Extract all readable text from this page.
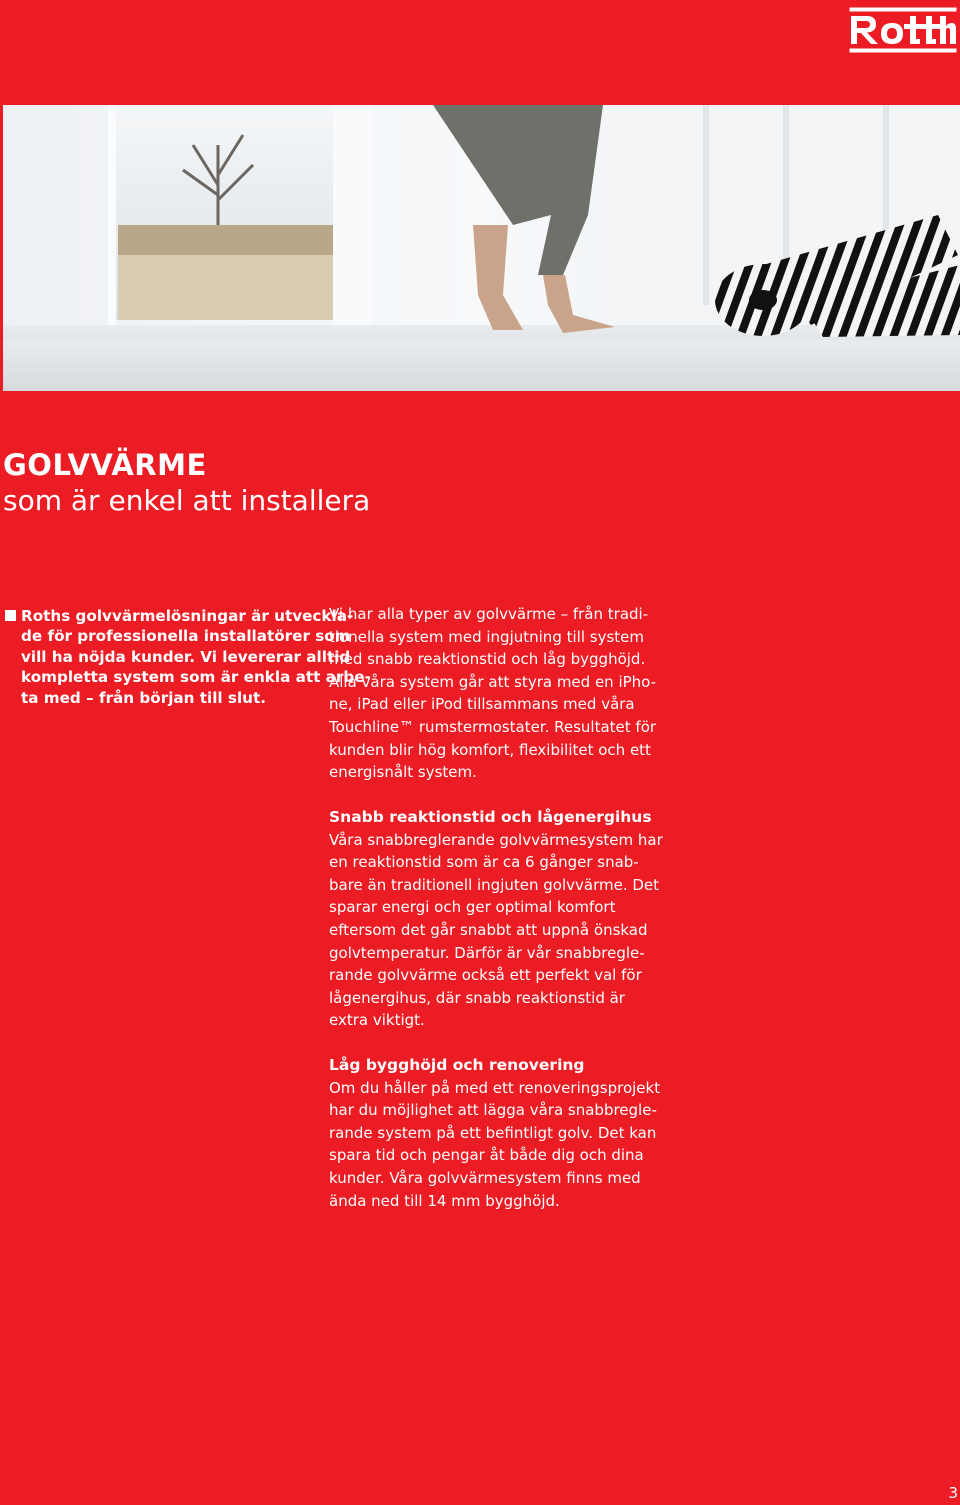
GOLVVÄRME
som är enkel att installera
Roths golvvärmelösningar är utveckla-
de för professionella installatörer som
vill ha nöjda kunder. Vi levererar alltid
kompletta system som är enkla att arbe-
ta med – från början till slut.
Vi har alla typer av golvvärme – från tradi-
tionella system med ingjutning till system
med snabb reaktionstid och låg bygghöjd.
Alla våra system går att styra med en iPho-
ne, iPad eller iPod tillsammans med våra
Touchline™ rumstermostater. Resultatet för
kunden blir hög komfort, flexibilitet och ett
energisnålt system.
Snabb reaktionstid och lågenergihus
Våra snabbreglerande golvvärmesystem har
en reaktionstid som är ca 6 gånger snab-
bare än traditionell ingjuten golvvärme. Det
sparar energi och ger optimal komfort
eftersom det går snabbt att uppnå önskad
golvtemperatur. Därför är vår snabbregle-
rande golvvärme också ett perfekt val för
lågenergihus, där snabb reaktionstid är
extra viktigt.
Låg bygghöjd och renovering
Om du håller på med ett renoveringsprojekt
har du möjlighet att lägga våra snabbregle-
rande system på ett befintligt golv. Det kan
spara tid och pengar åt både dig och dina
kunder. Våra golvvärmesystem finns med
ända ned till 14 mm bygghöjd.
3
